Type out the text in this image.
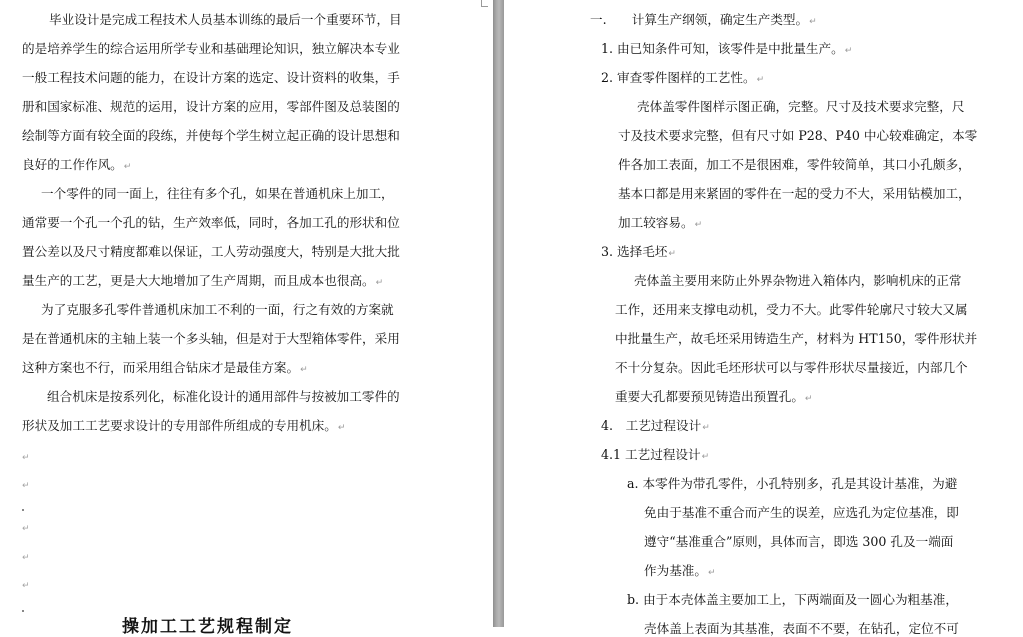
毕业设计是完成工程技术人员基本训练的最后一个重要环节，目
的是培养学生的综合运用所学专业和基础理论知识，独立解决本专业
一般工程技术问题的能力，在设计方案的选定、设计资料的收集，手
册和国家标准、规范的运用，设计方案的应用，零部件图及总装图的
绘制等方面有较全面的段练，并使每个学生树立起正确的设计思想和
良好的工作作风。↵
一个零件的同一面上，往往有多个孔，如果在普通机床上加工，
通常要一个孔一个孔的钻，生产效率低，同时，各加工孔的形状和位
置公差以及尺寸精度都难以保证，工人劳动强度大，特别是大批大批
量生产的工艺，更是大大地增加了生产周期，而且成本也很高。↵
为了克服多孔零件普通机床加工不利的一面，行之有效的方案就
是在普通机床的主轴上装一个多头轴，但是对于大型箱体零件，采用
这种方案也不行，而采用组合钻床才是最佳方案。↵
组合机床是按系列化，标准化设计的通用部件与按被加工零件的
形状及加工工艺要求设计的专用部件所组成的专用机床。↵
↵
↵
↵
↵
↵
操加工工艺规程制定
一.　　计算生产纲领，确定生产类型。↵
1. 由已知条件可知，该零件是中批量生产。↵
2. 审查零件图样的工艺性。↵
壳体盖零件图样示图正确，完整。尺寸及技术要求完整，尺
寸及技术要求完整，但有尺寸如 P28、P40 中心较难确定，本零
件各加工表面，加工不是很困难，零件较简单，其口小孔颇多，
基本口都是用来紧固的零件在一起的受力不大，采用钻模加工，
加工较容易。↵
3. 选择毛坯↵
壳体盖主要用来防止外界杂物进入箱体内，影响机床的正常
工作，还用来支撑电动机，受力不大。此零件轮廓尺寸较大又属
中批量生产，故毛坯采用铸造生产，材料为 HT150，零件形状并
不十分复杂。因此毛坯形状可以与零件形状尽量接近，内部几个
重要大孔都要预见铸造出预置孔。↵
4.　工艺过程设计↵
4.1 工艺过程设计↵
a. 本零件为带孔零件，小孔特别多，孔是其设计基准，为避
免由于基准不重合而产生的误差，应选孔为定位基准，即
遵守“基准重合”原则，具体而言，即选 300 孔及一端面
作为基准。↵
b. 由于本壳体盖主要加工上，下两端面及一圆心为粗基准，
壳体盖上表面为其基准，表面不不要，在钻孔，定位不可
